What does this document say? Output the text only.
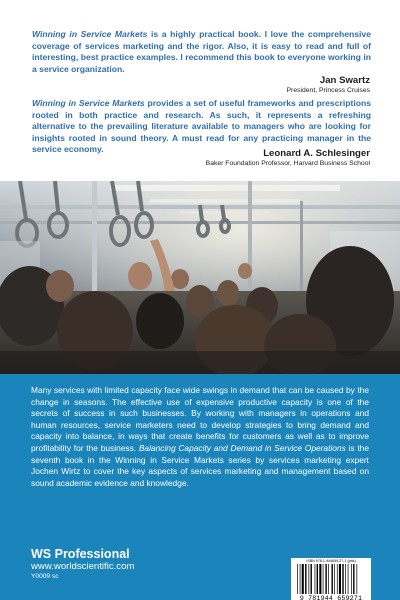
Winning in Service Markets is a highly practical book. I love the comprehensive coverage of services marketing and the rigor. Also, it is easy to read and full of interesting, best practice examples. I recommend this book to everyone working in a service organization.

Jan Swartz
President, Princess Cruises

Winning in Service Markets provides a set of useful frameworks and prescriptions rooted in both practice and research. As such, it represents a refreshing alternative to the prevailing literature available to managers who are looking for insights rooted in sound theory. A must read for any practicing manager in the service economy.	Leonard A. Schlesinger
Baker Foundation Professor, Harvard Business School

Many services with limited capacity face wide swings in demand that can be caused by the change in seasons. The effective use of expensive productive capacity is one of the secrets of success in such businesses. By working with managers in operations and human resources, service marketers need to develop strategies to bring demand and capacity into balance, in ways that create benefits for customers as well as to improve profitability for the business. Balancing Capacity and Demand in Service Operations is the seventh book in the Winning in Service Markets series by services marketing expert Jochen Wirtz to cover the key aspects of services marketing and management based on sound academic evidence and knowledge.

WS Professional
www.worldscientific.com
Y0009 sc
ISBN 978-1-944659-27-1 (pbk)
9 781944 659271
